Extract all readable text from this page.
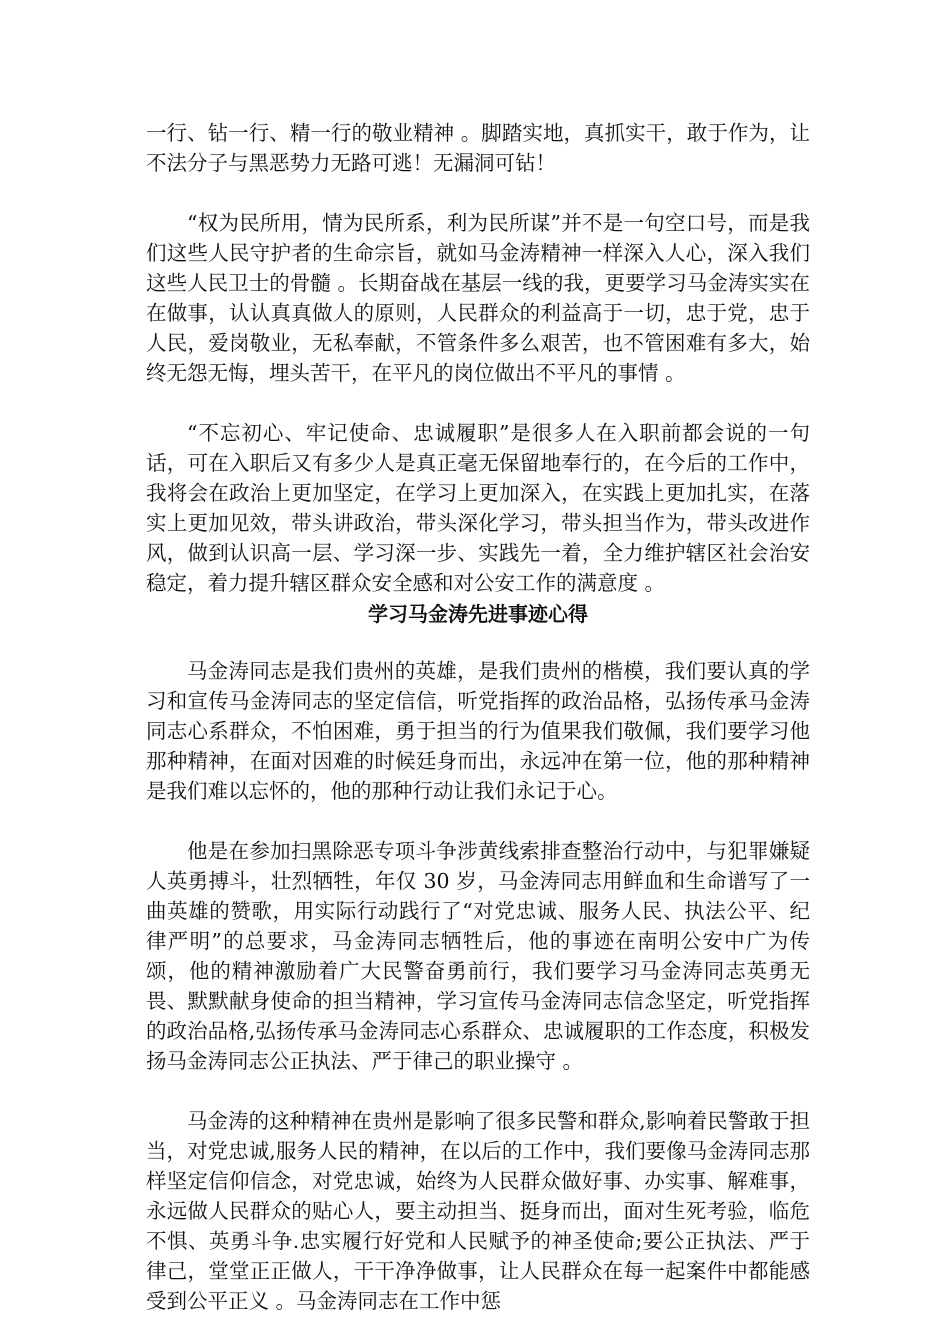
一行、钻一行、精一行的敬业精神 。脚踏实地，真抓实干，敢于作为，让不法分子与黑恶势力无路可逃！无漏洞可钻！

“权为民所用，情为民所系，利为民所谋”并不是一句空口号，而是我们这些人民守护者的生命宗旨，就如马金涛精神一样深入人心，深入我们这些人民卫士的骨髓 。长期奋战在基层一线的我，更要学习马金涛实实在在做事，认认真真做人的原则，人民群众的利益高于一切，忠于党，忠于人民，爱岗敬业，无私奉献，不管条件多么艰苦，也不管困难有多大，始终无怨无悔，埋头苦干，在平凡的岗位做出不平凡的事情 。

“不忘初心、牢记使命、忠诚履职”是很多人在入职前都会说的一句话，可在入职后又有多少人是真正毫无保留地奉行的，在今后的工作中，我将会在政治上更加坚定，在学习上更加深入，在实践上更加扎实，在落实上更加见效，带头讲政治，带头深化学习，带头担当作为，带头改进作风，做到认识高一层、学习深一步、实践先一着，全力维护辖区社会治安稳定，着力提升辖区群众安全感和对公安工作的满意度 。

学习马金涛先进事迹心得

马金涛同志是我们贵州的英雄，是我们贵州的楷模，我们要认真的学习和宣传马金涛同志的坚定信信，听党指挥的政治品格，弘扬传承马金涛同志心系群众，不怕困难，勇于担当的行为值果我们敬佩，我们要学习他那种精神，在面对因难的时候廷身而出，永远冲在第一位，他的那种精神是我们难以忘怀的，他的那种行动让我们永记于心。

他是在参加扫黑除恶专项斗争涉黄线索排查整治行动中，与犯罪嫌疑人英勇搏斗，壮烈牺牲，年仅 30 岁，马金涛同志用鲜血和生命谱写了一曲英雄的赞歌，用实际行动践行了“对党忠诚、服务人民、执法公平、纪律严明”的总要求，马金涛同志牺牲后，他的事迹在南明公安中广为传颂，他的精神激励着广大民警奋勇前行，我们要学习马金涛同志英勇无畏、默默献身使命的担当精神，学习宣传马金涛同志信念坚定，听党指挥的政治品格,弘扬传承马金涛同志心系群众、忠诚履职的工作态度，积极发扬马金涛同志公正执法、严于律己的职业操守 。

马金涛的这种精神在贵州是影响了很多民警和群众,影响着民警敢于担当，对党忠诚,服务人民的精神，在以后的工作中，我们要像马金涛同志那样坚定信仰信念，对党忠诚，始终为人民群众做好事、办实事、解难事，永远做人民群众的贴心人，要主动担当、挺身而出，面对生死考验，临危不惧、英勇斗争.忠实履行好党和人民赋予的神圣使命;要公正执法、严于律己，堂堂正正做人，干干净净做事，让人民群众在每一起案件中都能感受到公平正义 。马金涛同志在工作中惩
